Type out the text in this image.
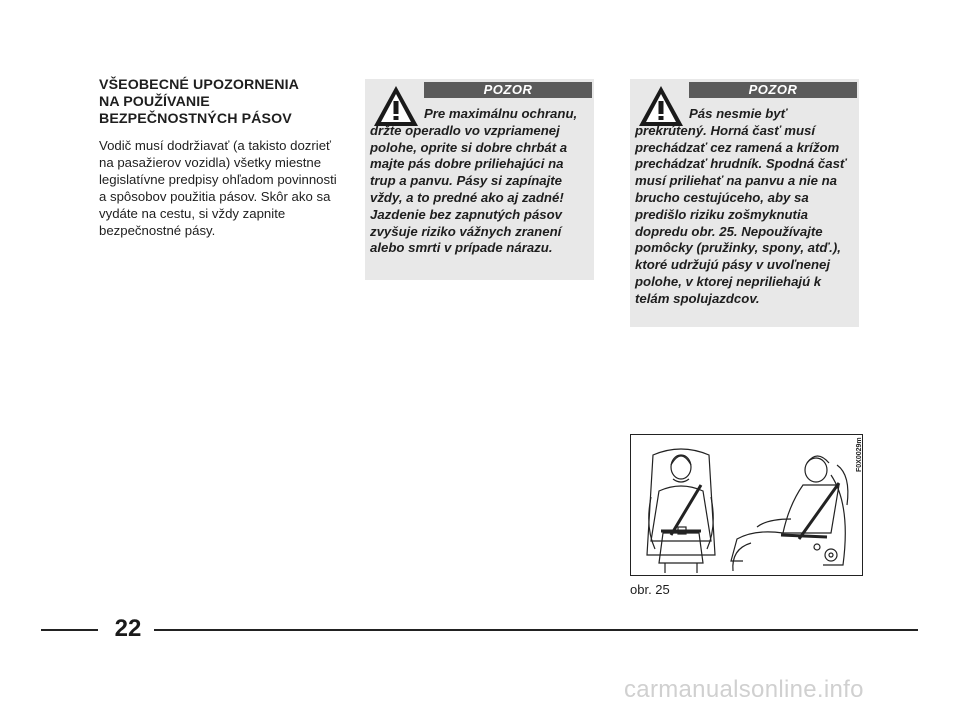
VŠEOBECNÉ UPOZORNENIA
NA POUŽÍVANIE
BEZPEČNOSTNÝCH PÁSOV

Vodič musí dodržiavať (a takisto dozrieť na pasažierov vozidla) všetky miestne legislatívne predpisy ohľadom povinnosti a spôsobov použitia pásov. Skôr ako sa vydáte na cestu, si vždy zapnite bezpečnostné pásy.

POZOR

Pre maximálnu ochranu, držte operadlo vo vzpriamenej polohe, oprite si dobre chrbát a majte pás dobre priliehajúci na trup a panvu. Pásy si zapínajte vždy, a to predné ako aj zadné! Jazdenie bez zapnutých pásov zvyšuje riziko vážnych zranení alebo smrti v prípade nárazu.

POZOR

Pás nesmie byť prekrútený. Horná časť musí prechádzať cez ramená a krížom prechádzať hrudník. Spodná časť musí priliehať na panvu a nie na brucho cestujúceho, aby sa predišlo riziku zošmyknutia dopredu obr. 25. Nepoužívajte pomôcky (pružinky, spony, atď.), ktoré udržujú pásy v uvoľnenej polohe, v ktorej nepriliehajú k telám spolujazdcov.

F0X0029m
obr. 25
22
carmanualsonline.info
